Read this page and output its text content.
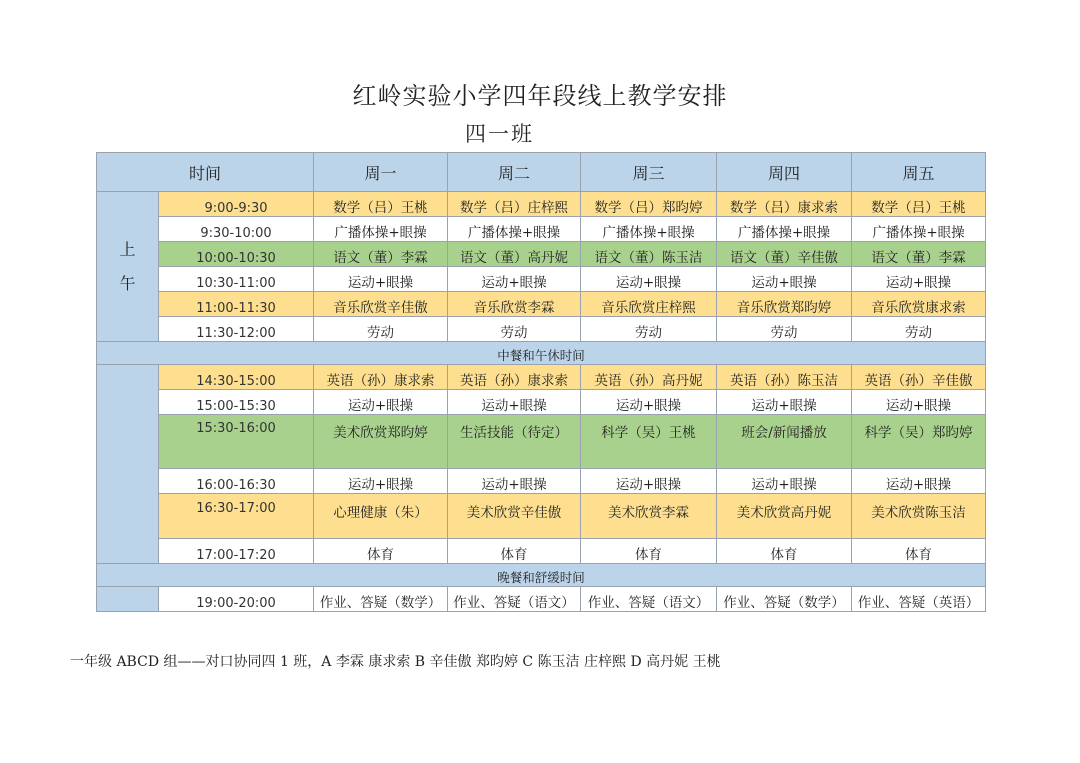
红岭实验小学四年段线上教学安排
四一班
时间		周一	周二	周三	周四	周五
上
午	9:00-9:30	数学（吕）王桃	数学（吕）庄梓熙	数学（吕）郑昀婷	数学（吕）康求索	数学（吕）王桃
	9:30-10:00	广播体操+眼操	广播体操+眼操	广播体操+眼操	广播体操+眼操	广播体操+眼操
	10:00-10:30	语文（董）李霖	语文（董）高丹妮	语文（董）陈玉洁	语文（董）辛佳傲	语文（董）李霖
	10:30-11:00	运动+眼操	运动+眼操	运动+眼操	运动+眼操	运动+眼操
	11:00-11:30	音乐欣赏辛佳傲	音乐欣赏李霖	音乐欣赏庄梓熙	音乐欣赏郑昀婷	音乐欣赏康求索
	11:30-12:00	劳动	劳动	劳动	劳动	劳动
中餐和午休时间						
	14:30-15:00	英语（孙）康求索	英语（孙）康求索	英语（孙）高丹妮	英语（孙）陈玉洁	英语（孙）辛佳傲
	15:00-15:30	运动+眼操	运动+眼操	运动+眼操	运动+眼操	运动+眼操
	15:30-16:00	美术欣赏郑昀婷	生活技能（待定）	科学（吴）王桃	班会/新闻播放	科学（吴）郑昀婷
	16:00-16:30	运动+眼操	运动+眼操	运动+眼操	运动+眼操	运动+眼操
	16:30-17:00	心理健康（朱）	美术欣赏辛佳傲	美术欣赏李霖	美术欣赏高丹妮	美术欣赏陈玉洁
	17:00-17:20	体育	体育	体育	体育	体育
晚餐和舒缓时间						
	19:00-20:00	作业、答疑（数学）	作业、答疑（语文）	作业、答疑（语文）	作业、答疑（数学）	作业、答疑（英语）
一年级 ABCD 组——对口协同四 1 班，A 李霖 康求索 B 辛佳傲 郑昀婷 C 陈玉洁 庄梓熙 D 高丹妮 王桃
